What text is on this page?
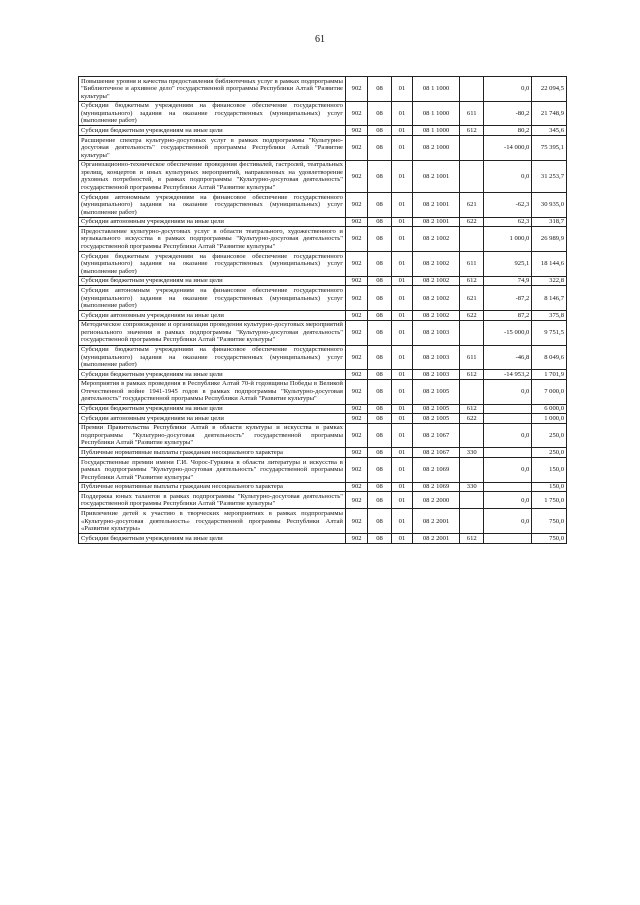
61
Повышение уровня и качества предоставления библиотечных услуг в рамках подпрограммы "Библиотечное и архивное дело" государственной программы Республики Алтай "Развитие культуры"	902	08	01	08 1 1000		0,0	22 094,5
Субсидии бюджетным учреждениям на финансовое обеспечение государственного (муниципального) задания на оказание государственных (муниципальных) услуг (выполнение работ)	902	08	01	08 1 1000	611	-80,2	21 748,9
Субсидии бюджетным учреждениям на иные цели	902	08	01	08 1 1000	612	80,2	345,6
Расширение спектра культурно-досуговых услуг в рамках подпрограммы "Культурно-досуговая деятельность" государственной программы Республики Алтай "Развитие культуры"	902	08	01	08 2 1000		-14 000,0	75 395,1
Организационно-техническое обеспечение проведения фестивалей, гастролей, театральных зрелищ, концертов и иных культурных мероприятий, направленных на удовлетворение духовных потребностей, в рамках подпрограммы "Культурно-досуговая деятельность" государственной программы Республики Алтай "Развитие культуры"	902	08	01	08 2 1001		0,0	31 253,7
Субсидии автономным учреждениям на финансовое обеспечение государственного (муниципального) задания на оказание государственных (муниципальных) услуг (выполнение работ)	902	08	01	08 2 1001	621	-62,3	30 935,0
Субсидии автономным учреждениям на иные цели	902	08	01	08 2 1001	622	62,3	318,7
Предоставление культурно-досуговых услуг в области театрального, художественного и музыкального искусства в рамках подпрограммы "Культурно-досуговая деятельность" государственной программы Республики Алтай "Развитие культуры"	902	08	01	08 2 1002		1 000,0	26 989,9
Субсидии бюджетным учреждениям на финансовое обеспечение государственного (муниципального) задания на оказание государственных (муниципальных) услуг (выполнение работ)	902	08	01	08 2 1002	611	925,1	18 144,6
Субсидии бюджетным учреждениям на иные цели	902	08	01	08 2 1002	612	74,9	322,8
Субсидии автономным учреждениям на финансовое обеспечение государственного (муниципального) задания на оказание государственных (муниципальных) услуг (выполнение работ)	902	08	01	08 2 1002	621	-87,2	8 146,7
Субсидии автономным учреждениям на иные цели	902	08	01	08 2 1002	622	87,2	375,8
Методическое сопровождение и организация проведения культурно-досуговых мероприятий регионального значения в рамках подпрограммы "Культурно-досуговая деятельность" государственной программы Республики Алтай "Развитие культуры"	902	08	01	08 2 1003		-15 000,0	9 751,5
Субсидии бюджетным учреждениям на финансовое обеспечение государственного (муниципального) задания на оказание государственных (муниципальных) услуг (выполнение работ)	902	08	01	08 2 1003	611	-46,8	8 049,6
Субсидии бюджетным учреждениям на иные цели	902	08	01	08 2 1003	612	-14 953,2	1 701,9
Мероприятия в рамках проведения в Республике Алтай 70-й годовщины Победы в Великой Отечественной войне 1941-1945 годов в рамках подпрограммы "Культурно-досуговая деятельность" государственной программы Республики Алтай "Развитие культуры"	902	08	01	08 2 1005		0,0	7 000,0
Субсидии бюджетным учреждениям на иные цели	902	08	01	08 2 1005	612		6 000,0
Субсидии автономным учреждениям на иные цели	902	08	01	08 2 1005	622		1 000,0
Премии Правительства Республики Алтай в области культуры и искусства в рамках подпрограммы "Культурно-досуговая деятельность" государственной программы Республики Алтай "Развитие культуры"	902	08	01	08 2 1067		0,0	250,0
Публичные нормативные выплаты гражданам несоциального характера	902	08	01	08 2 1067	330		250,0
Государственные премии имени Г.И. Чорос-Гуркина в области литературы и искусства в рамках подпрограммы "Культурно-досуговая деятельность" государственной программы Республики Алтай "Развитие культуры"	902	08	01	08 2 1069		0,0	150,0
Публичные нормативные выплаты гражданам несоциального характера	902	08	01	08 2 1069	330		150,0
Поддержка юных талантов в рамках подпрограммы "Культурно-досуговая деятельность" государственной программы Республики Алтай "Развитие культуры"	902	08	01	08 2 2000		0,0	1 750,0
Привлечение детей к участию в творческих мероприятиях в рамках подпрограммы «Культурно-досуговая деятельность» государственной программы Республики Алтай «Развитие культуры»	902	08	01	08 2 2001		0,0	750,0
Субсидии бюджетным учреждениям на иные цели	902	08	01	08 2 2001	612		750,0
